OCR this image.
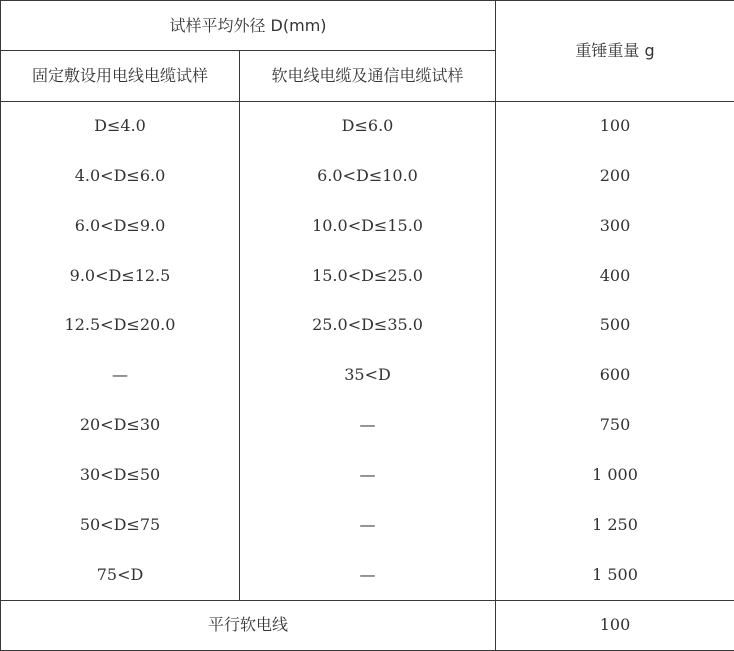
试样平均外径 D(mm)		重锤重量 g
固定敷设用电线电缆试样	软电线电缆及通信电缆试样	
D≤4.0	D≤6.0	100
4.0<D≤6.0	6.0<D≤10.0	200
6.0<D≤9.0	10.0<D≤15.0	300
9.0<D≤12.5	15.0<D≤25.0	400
12.5<D≤20.0	25.0<D≤35.0	500
—	35<D	600
20<D≤30	—	750
30<D≤50	—	1 000
50<D≤75	—	1 250
75<D	—	1 500
平行软电线		100
